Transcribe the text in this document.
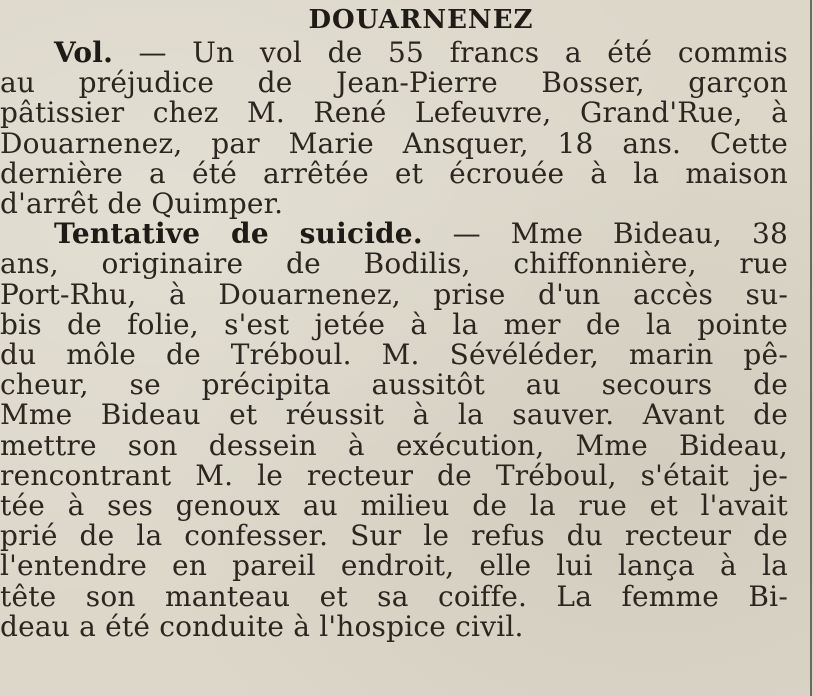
DOUARNENEZ
Vol. — Un vol de 55 francs a été commis
au préjudice de Jean-Pierre Bosser, garçon
pâtissier chez M. René Lefeuvre, Grand'Rue, à
Douarnenez, par Marie Ansquer, 18 ans. Cette
dernière a été arrêtée et écrouée à la maison
d'arrêt de Quimper.
Tentative de suicide. — Mme Bideau, 38
ans, originaire de Bodilis, chiffonnière, rue
Port-Rhu, à Douarnenez, prise d'un accès su-
bis de folie, s'est jetée à la mer de la pointe
du môle de Tréboul. M. Sévéléder, marin pê-
cheur, se précipita aussitôt au secours de
Mme Bideau et réussit à la sauver. Avant de
mettre son dessein à exécution, Mme Bideau,
rencontrant M. le recteur de Tréboul, s'était je-
tée à ses genoux au milieu de la rue et l'avait
prié de la confesser. Sur le refus du recteur de
l'entendre en pareil endroit, elle lui lança à la
tête son manteau et sa coiffe. La femme Bi-
deau a été conduite à l'hospice civil.
